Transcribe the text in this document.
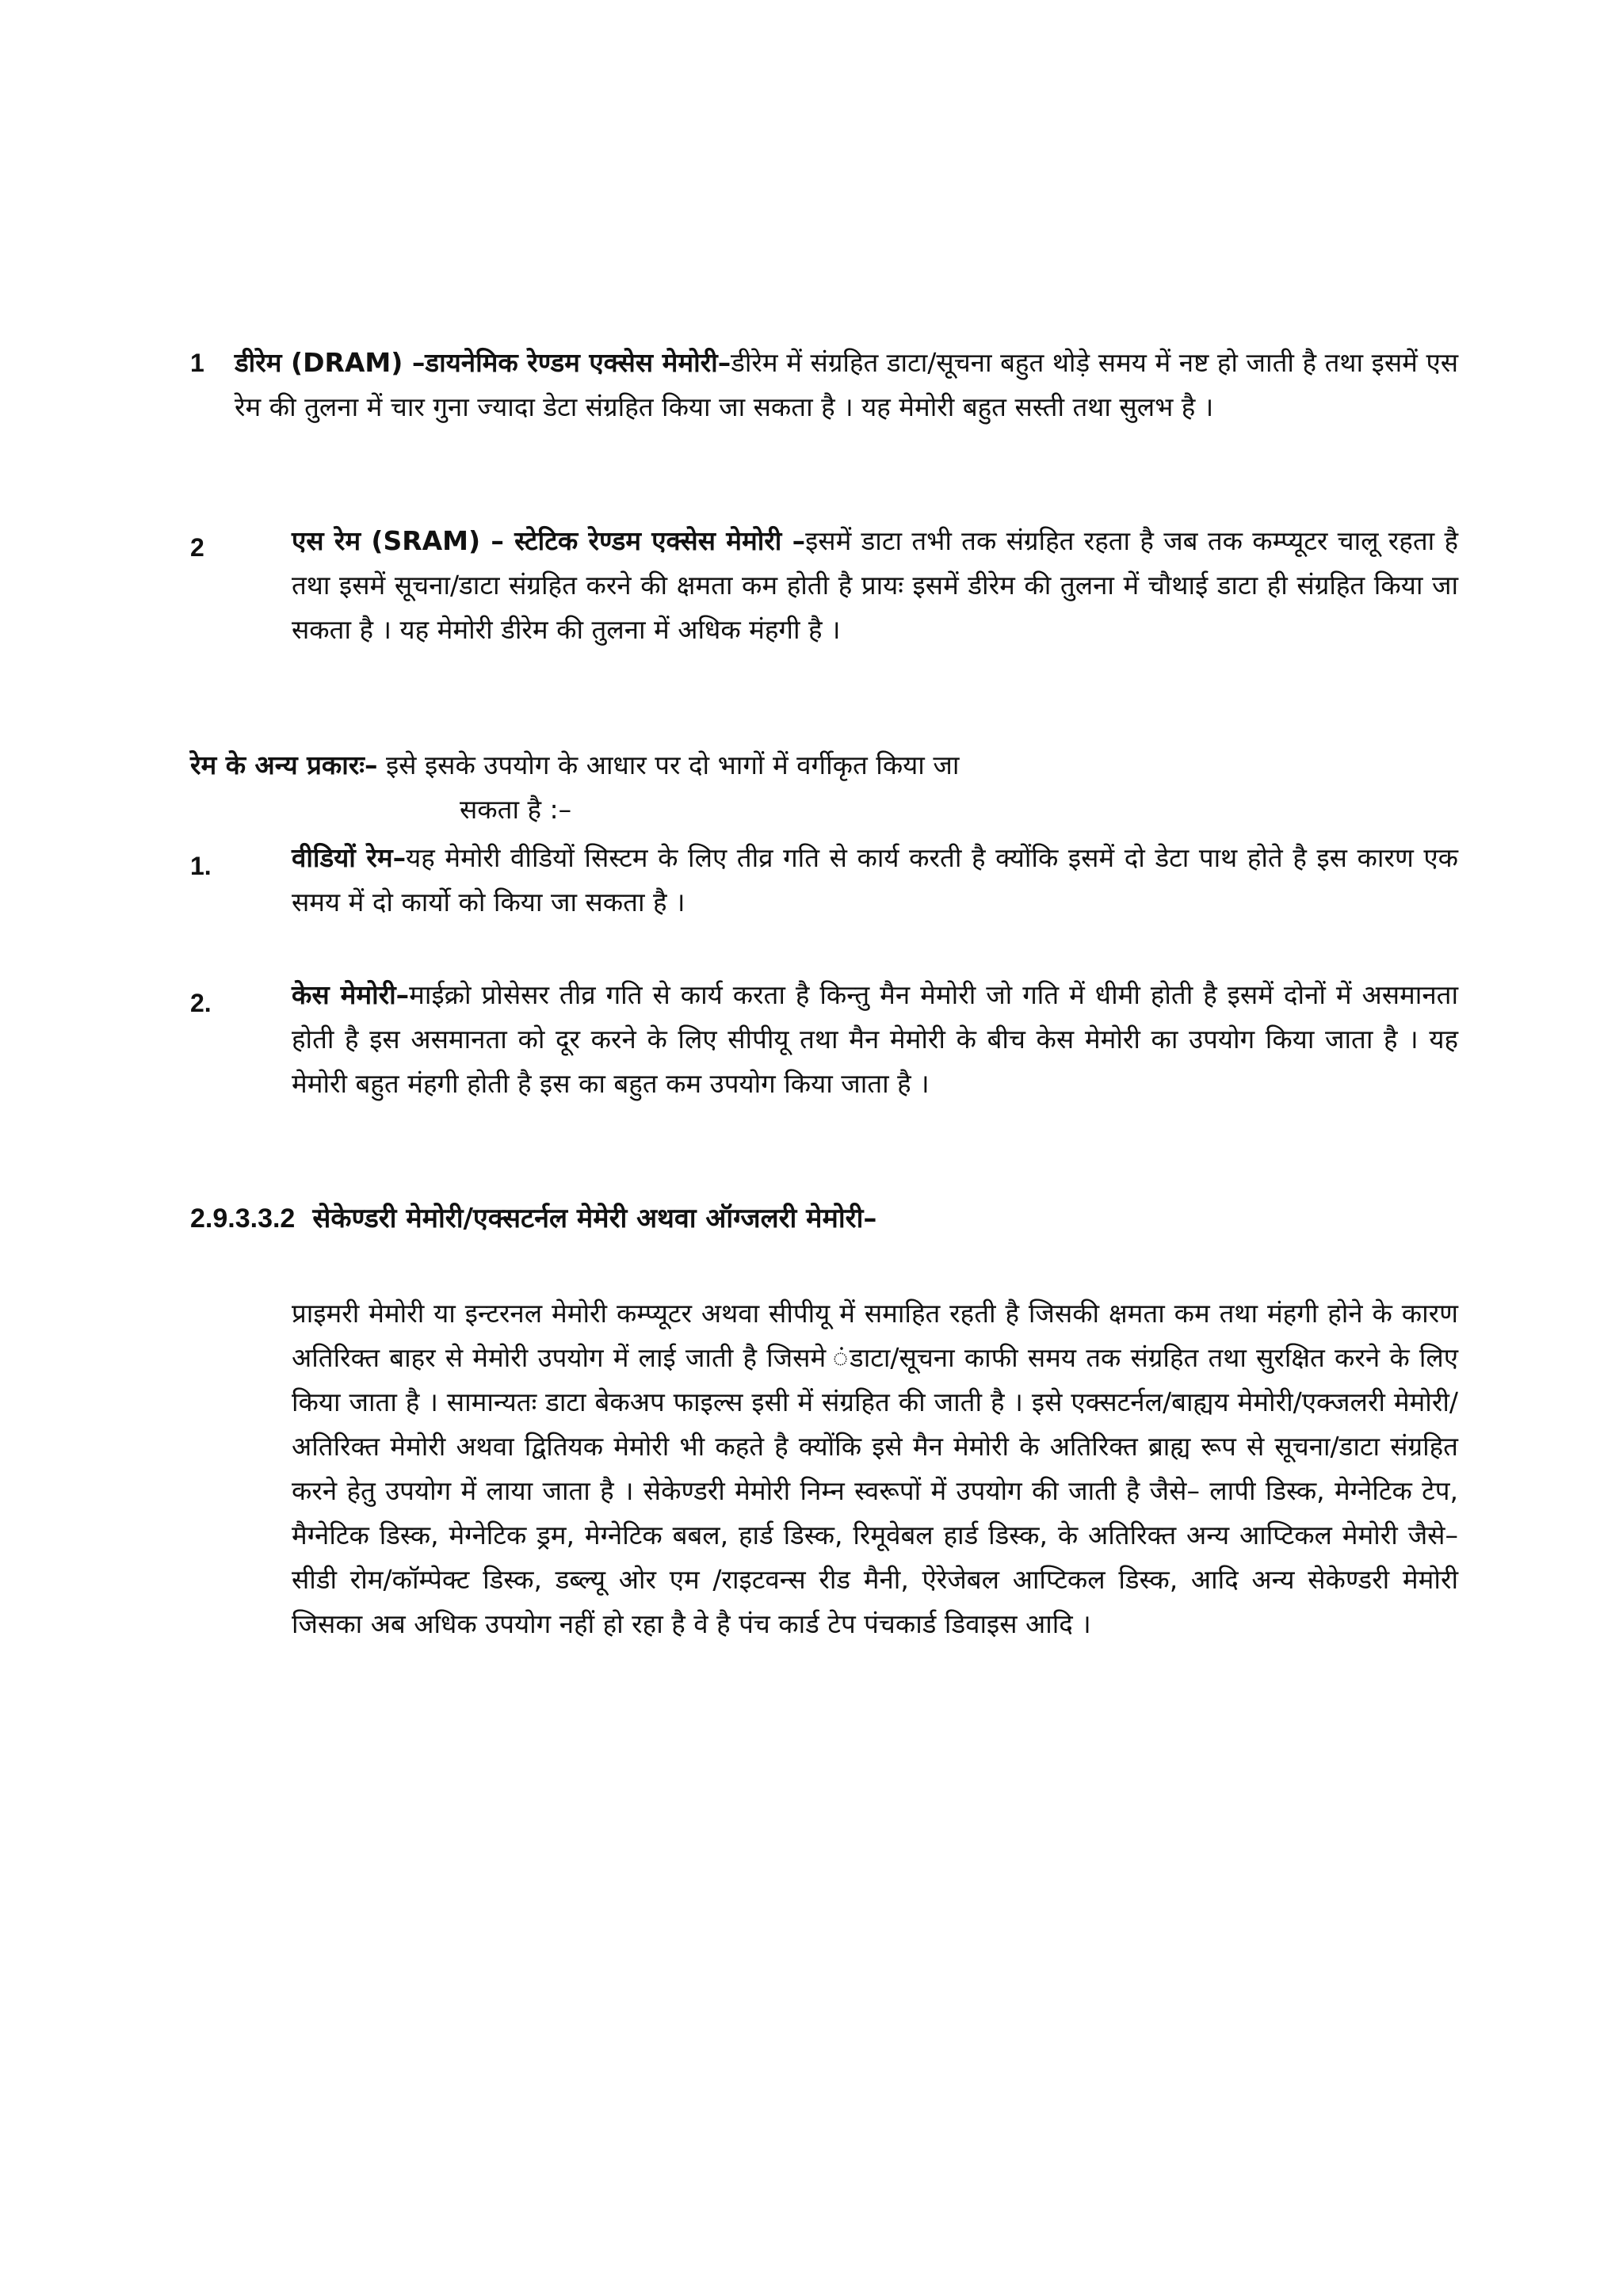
1 डीरेम (DRAM) –डायनेमिक रेण्डम एक्सेस मेमोरी–डीरेम में संग्रहित डाटा/सूचना बहुत थोड़े समय में नष्ट हो जाती है तथा इसमें एस रेम की तुलना में चार गुना ज्यादा डेटा संग्रहित किया जा सकता है । यह मेमोरी बहुत सस्ती तथा सुलभ है ।
2	एस रेम (SRAM) – स्टेटिक रेण्डम एक्सेस मेमोरी –इसमें डाटा तभी तक संग्रहित रहता है जब तक कम्प्यूटर चालू रहता है तथा इसमें सूचना/डाटा संग्रहित करने की क्षमता कम होती है प्रायः इसमें डीरेम की तुलना में चौथाई डाटा ही संग्रहित किया जा सकता है । यह मेमोरी डीरेम की तुलना में अधिक मंहगी है ।
रेम के अन्य प्रकारः– इसे इसके उपयोग के आधार पर दो भागों में वर्गीकृत किया जा
सकता है :–
1.	वीडियों रेम–यह मेमोरी वीडियों सिस्टम के लिए तीव्र गति से कार्य करती है क्योंकि इसमें दो डेटा पाथ होते है इस कारण एक समय में दो कार्यो को किया जा सकता है ।
2.	केस मेमोरी–माईक्रो प्रोसेसर तीव्र गति से कार्य करता है किन्तु मैन मेमोरी जो गति में धीमी होती है इसमें दोनों में असमानता होती है इस असमानता को दूर करने के लिए सीपीयू तथा मैन मेमोरी के बीच केस मेमोरी का उपयोग किया जाता है । यह मेमोरी बहुत मंहगी होती है इस का बहुत कम उपयोग किया जाता है ।
2.9.3.3.2 सेकेण्डरी मेमोरी/एक्सटर्नल मेमेरी अथवा ऑग्जलरी मेमोरी–
प्राइमरी मेमोरी या इन्टरनल मेमोरी कम्प्यूटर अथवा सीपीयू में समाहित रहती है जिसकी क्षमता कम तथा मंहगी होने के कारण अतिरिक्त बाहर से मेमोरी उपयोग में लाई जाती है जिसमे ंडाटा/सूचना काफी समय तक संग्रहित तथा सुरक्षित करने के लिए किया जाता है । सामान्यतः डाटा बेकअप फाइल्स इसी में संग्रहित की जाती है । इसे एक्सटर्नल/बाह्यय मेमोरी/एक्जलरी मेमोरी/अतिरिक्त मेमोरी अथवा द्वितियक मेमोरी भी कहते है क्योंकि इसे मैन मेमोरी के अतिरिक्त ब्राह्य रूप से सूचना/डाटा संग्रहित करने हेतु उपयोग में लाया जाता है । सेकेण्डरी मेमोरी निम्न स्वरूपों में उपयोग की जाती है जैसे– लापी डिस्क, मेग्नेटिक टेप, मैग्नेटिक डिस्क, मेग्नेटिक ड्रम, मेग्नेटिक बबल, हार्ड डिस्क, रिमूवेबल हार्ड डिस्क, के अतिरिक्त अन्य आप्टिकल मेमोरी जैसे– सीडी रोम/कॉम्पेक्ट डिस्क, डब्ल्यू ओर एम /राइटवन्स रीड मैनी, ऐरेजेबल आप्टिकल डिस्क, आदि अन्य सेकेण्डरी मेमोरी जिसका अब अधिक उपयोग नहीं हो रहा है वे है पंच कार्ड टेप पंचकार्ड डिवाइस आदि ।
